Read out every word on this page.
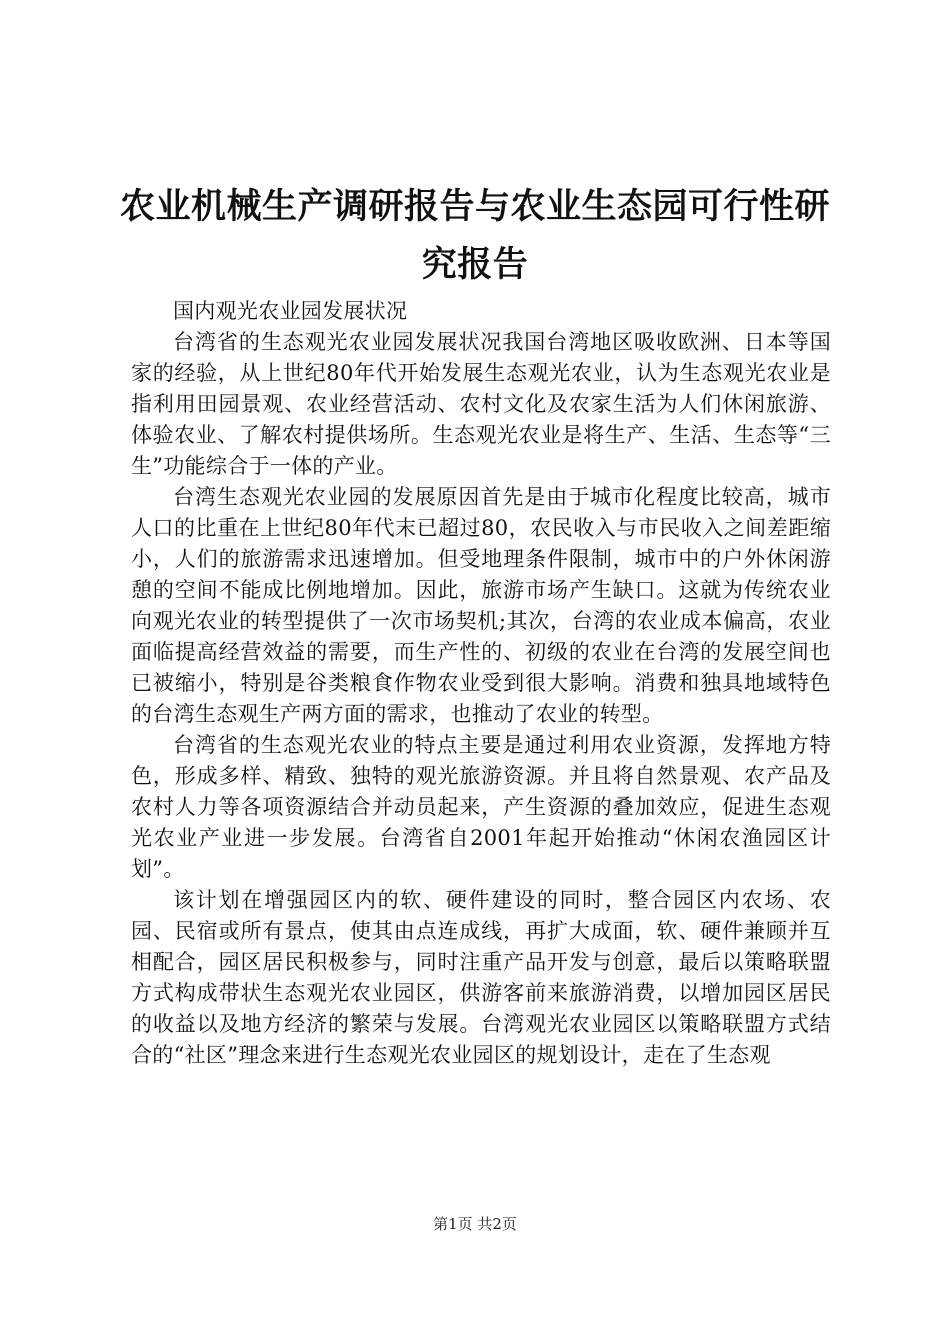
农业机械生产调研报告与农业生态园可行性研究报告

国内观光农业园发展状况

台湾省的生态观光农业园发展状况我国台湾地区吸收欧洲、日本等国家的经验，从上世纪80年代开始发展生态观光农业，认为生态观光农业是指利用田园景观、农业经营活动、农村文化及农家生活为人们休闲旅游、体验农业、了解农村提供场所。生态观光农业是将生产、生活、生态等“三生”功能综合于一体的产业。

台湾生态观光农业园的发展原因首先是由于城市化程度比较高，城市人口的比重在上世纪80年代末已超过80，农民收入与市民收入之间差距缩小，人们的旅游需求迅速增加。但受地理条件限制，城市中的户外休闲游憩的空间不能成比例地增加。因此，旅游市场产生缺口。这就为传统农业向观光农业的转型提供了一次市场契机;其次，台湾的农业成本偏高，农业面临提高经营效益的需要，而生产性的、初级的农业在台湾的发展空间也已被缩小，特别是谷类粮食作物农业受到很大影响。消费和独具地域特色的台湾生态观生产两方面的需求，也推动了农业的转型。

台湾省的生态观光农业的特点主要是通过利用农业资源，发挥地方特色，形成多样、精致、独特的观光旅游资源。并且将自然景观、农产品及农村人力等各项资源结合并动员起来，产生资源的叠加效应，促进生态观光农业产业进一步发展。台湾省自2001年起开始推动“休闲农渔园区计划”。

该计划在增强园区内的软、硬件建设的同时，整合园区内农场、农园、民宿或所有景点，使其由点连成线，再扩大成面，软、硬件兼顾并互相配合，园区居民积极参与，同时注重产品开发与创意，最后以策略联盟方式构成带状生态观光农业园区，供游客前来旅游消费，以增加园区居民的收益以及地方经济的繁荣与发展。台湾观光农业园区以策略联盟方式结合的“社区”理念来进行生态观光农业园区的规划设计，走在了生态观

第1页 共2页
